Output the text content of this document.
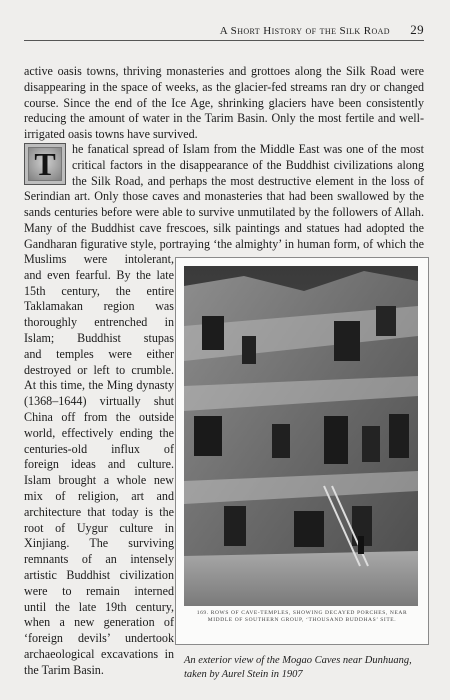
A Short History of the Silk Road 29

active oasis towns, thriving monasteries and grottoes along the Silk Road were disappearing in the space of weeks, as the glacier-fed streams ran dry or changed course. Since the end of the Ice Age, shrinking glaciers have been consistently reducing the amount of water in the Tarim Basin. Only the most fertile and well-irrigated oasis towns have survived.

T	he fanatical spread of Islam from the Middle East was one of the most
critical factors in the disappearance of the Buddhist civilizations along
the Silk Road, and perhaps the most destructive element in the loss of
Serindian art. Only those caves and monasteries that had been swallowed by the
sands centuries before were able to survive unmutilated by the followers of Allah.
Many of the Buddhist cave frescoes, silk paintings and statues had adopted the
Gandharan figurative style, portraying ‘the almighty’ in human form, of which the
Muslims were intolerant,
and even fearful. By the late
15th century, the entire
Taklamakan region was
thoroughly entrenched in
Islam; Buddhist stupas
and temples were either
destroyed or left to crumble.
At this time, the Ming dynasty
(1368–1644) virtually shut
China off from the outside
world, effectively ending the
centuries-old influx of
foreign ideas and culture.
Islam brought a whole new
mix of religion, art and
architecture that today is the
root of Uygur culture in
Xinjiang. The surviving
remnants of an intensely
artistic Buddhist civilization
were to remain interned
until the late 19th century,
when a new generation of
‘foreign devils’ undertook
archaeological excavations in
the Tarim Basin.
169. ROWS OF CAVE-TEMPLES, SHOWING DECAYED PORCHES, NEAR MIDDLE OF SOUTHERN GROUP, ‘THOUSAND BUDDHAS’ SITE.
An exterior view of the Mogao Caves near Dunhuang, taken by Aurel Stein in 1907
